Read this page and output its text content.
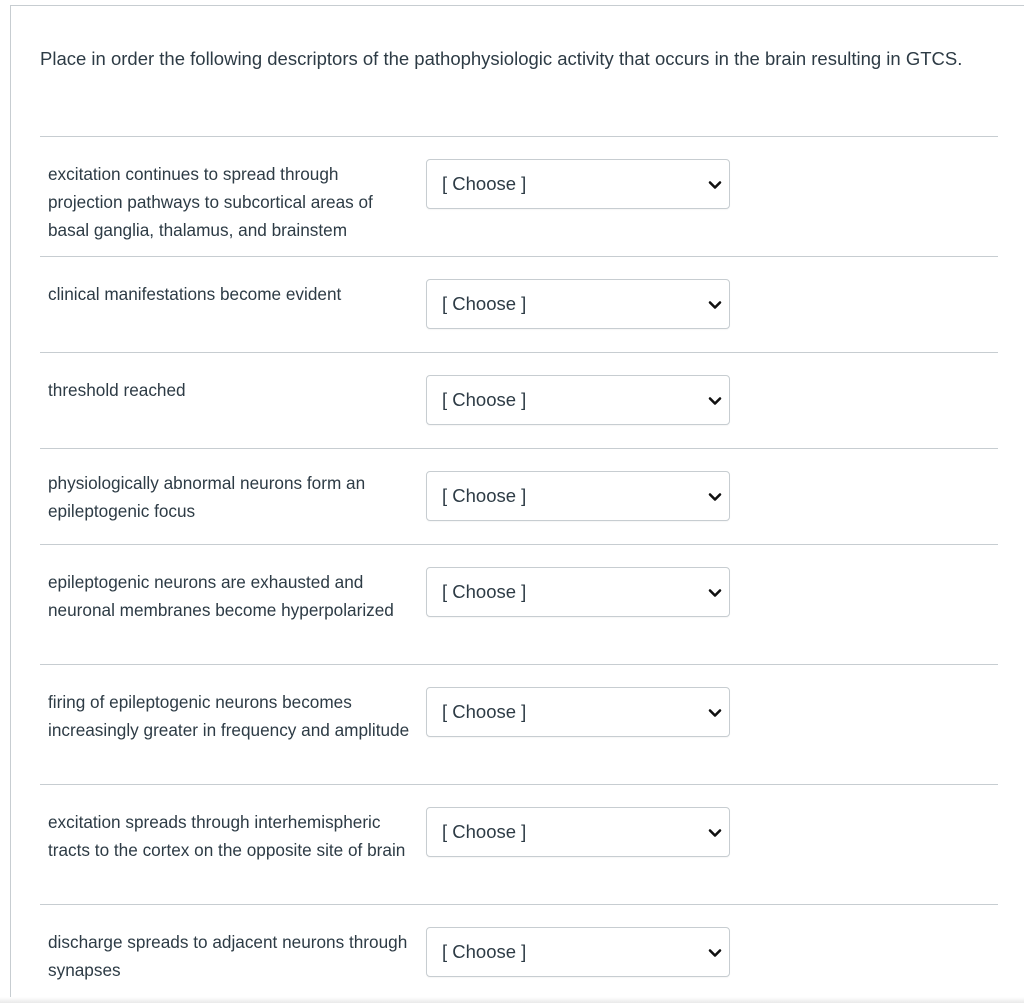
Place in order the following descriptors of the pathophysiologic activity that occurs in the brain resulting in GTCS.
excitation continues to spread through projection pathways to subcortical areas of basal ganglia, thalamus, and brainstem
[ Choose ]
clinical manifestations become evident	[ Choose ]
threshold reached	[ Choose ]
physiologically abnormal neurons form an epileptogenic focus
[ Choose ]
epileptogenic neurons are exhausted and neuronal membranes become hyperpolarized
[ Choose ]
firing of epileptogenic neurons becomes increasingly greater in frequency and amplitude
[ Choose ]
excitation spreads through interhemispheric tracts to the cortex on the opposite site of brain
[ Choose ]
discharge spreads to adjacent neurons through synapses
[ Choose ]
